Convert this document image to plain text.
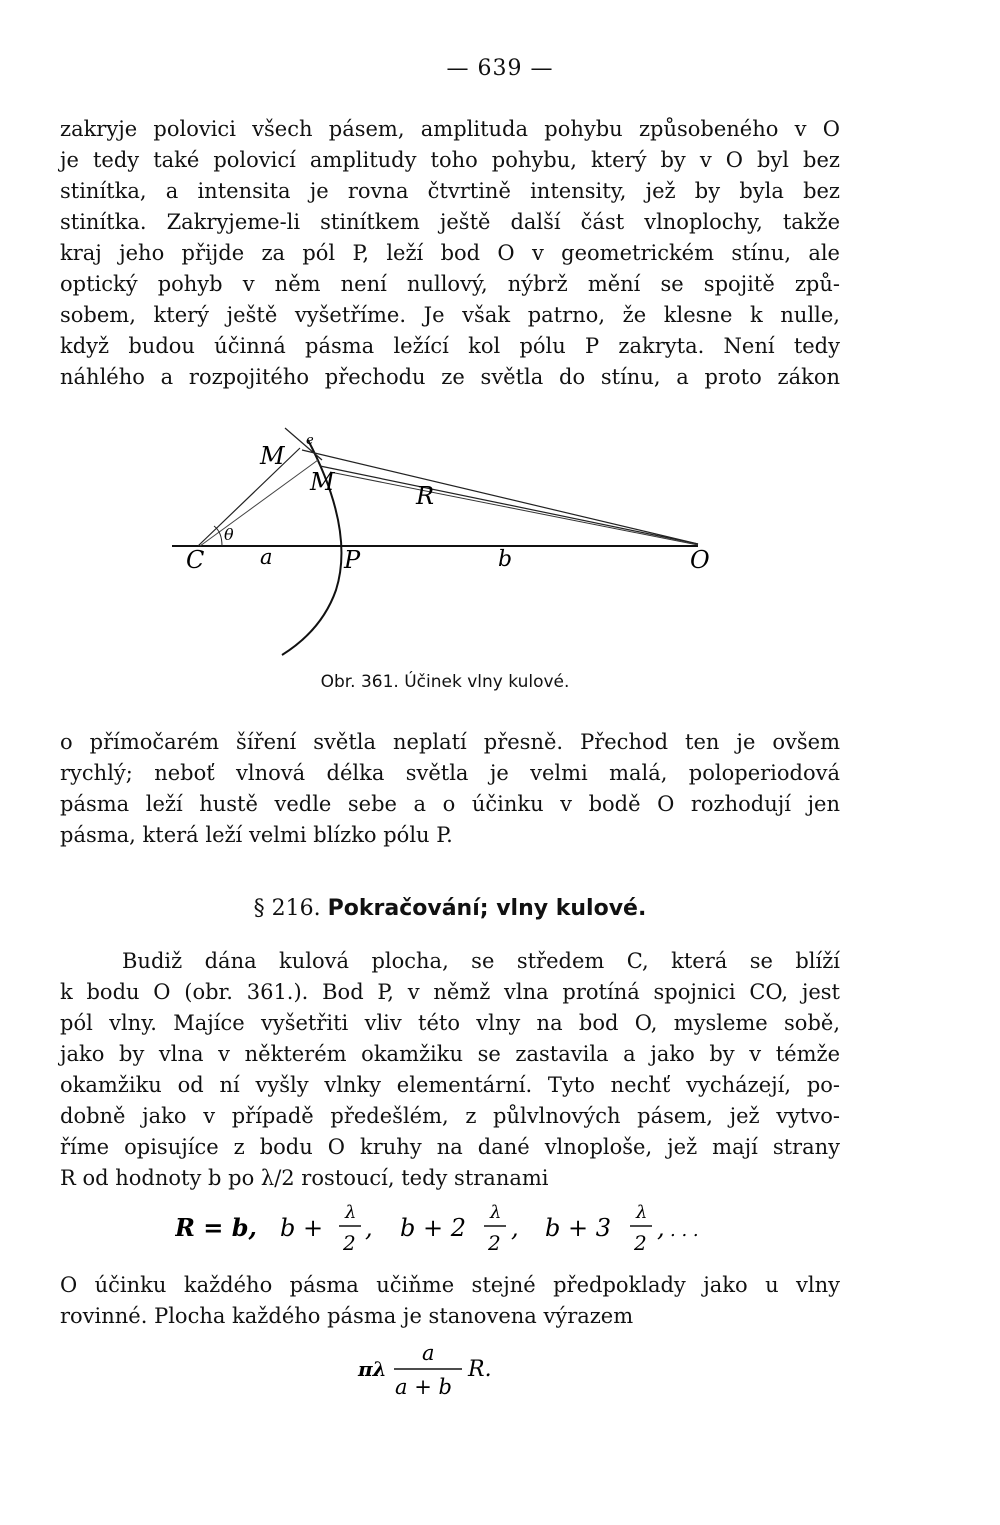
— 639 —
zakryje polovici všech pásem, amplituda pohybu způsobeného v O
je tedy také polovicí amplitudy toho pohybu, který by v O byl bez
stinítka, a intensita je rovna čtvrtině intensity, jež by byla bez
stinítka. Zakryjeme-li stinítkem ještě další část vlnoplochy, takže
kraj jeho přijde za pól P, leží bod O v geometrickém stínu, ale
optický pohyb v něm není nullový, nýbrž mění se spojitě způ-
sobem, který ještě vyšetříme. Je však patrno, že klesne k nulle,
když budou účinná pásma ležící kol pólu P zakryta. Není tedy
náhlého a rozpojitého přechodu ze světla do stínu, a proto zákon
C	a	P	b	O
M
M	R
θ
e
Obr. 361. Účinek vlny kulové.
o přímočarém šíření světla neplatí přesně. Přechod ten je ovšem
rychlý; neboť vlnová délka světla je velmi malá, poloperiodová
pásma leží hustě vedle sebe a o účinku v bodě O rozhodují jen
pásma, která leží velmi blízko pólu P.
§ 216. Pokračování; vlny kulové.
Budiž dána kulová plocha, se středem C, která se blíží
k bodu O (obr. 361.). Bod P, v němž vlna protíná spojnici CO, jest
pól vlny. Majíce vyšetřiti vliv této vlny na bod O, mysleme sobě,
jako by vlna v některém okamžiku se zastavila a jako by v témže
okamžiku od ní vyšly vlnky elementární. Tyto nechť vycházejí, po-
dobně jako v případě předešlém, z půlvlnových pásem, jež vytvo-
říme opisujíce z bodu O kruhy na dané vlnoploše, jež mají strany
R od hodnoty b po λ/2 rostoucí, tedy stranami
R = b, b +
λ
2
, b + 2
λ
2
, b + 3
λ
2
, . . .
O účinku každého pásma učiňme stejné předpoklady jako u vlny
rovinné. Plocha každého pásma je stanovena výrazem
πλ
a
a + b
R.
